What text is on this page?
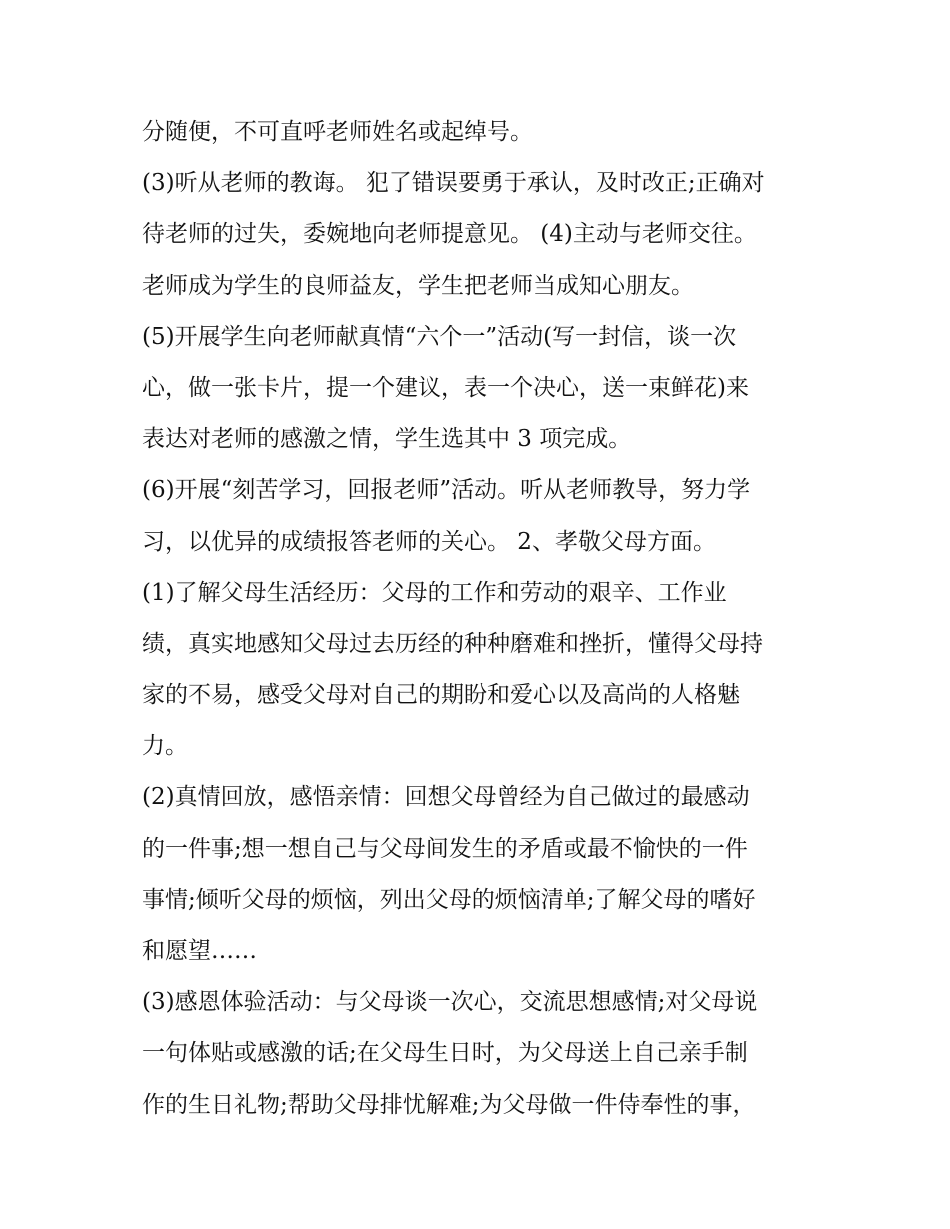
分随便，不可直呼老师姓名或起绰号。
(3)听从老师的教诲。 犯了错误要勇于承认，及时改正;正确对
待老师的过失，委婉地向老师提意见。 (4)主动与老师交往。
老师成为学生的良师益友，学生把老师当成知心朋友。
(5)开展学生向老师献真情“六个一”活动(写一封信，谈一次
心，做一张卡片，提一个建议，表一个决心，送一束鲜花)来
表达对老师的感激之情，学生选其中 3 项完成。
(6)开展“刻苦学习，回报老师”活动。听从老师教导，努力学
习，以优异的成绩报答老师的关心。 2、孝敬父母方面。
(1)了解父母生活经历：父母的工作和劳动的艰辛、工作业
绩，真实地感知父母过去历经的种种磨难和挫折，懂得父母持
家的不易，感受父母对自己的期盼和爱心以及高尚的人格魅
力。
(2)真情回放，感悟亲情：回想父母曾经为自己做过的最感动
的一件事;想一想自己与父母间发生的矛盾或最不愉快的一件
事情;倾听父母的烦恼，列出父母的烦恼清单;了解父母的嗜好
和愿望……
(3)感恩体验活动：与父母谈一次心，交流思想感情;对父母说
一句体贴或感激的话;在父母生日时，为父母送上自己亲手制
作的生日礼物;帮助父母排忧解难;为父母做一件侍奉性的事，
